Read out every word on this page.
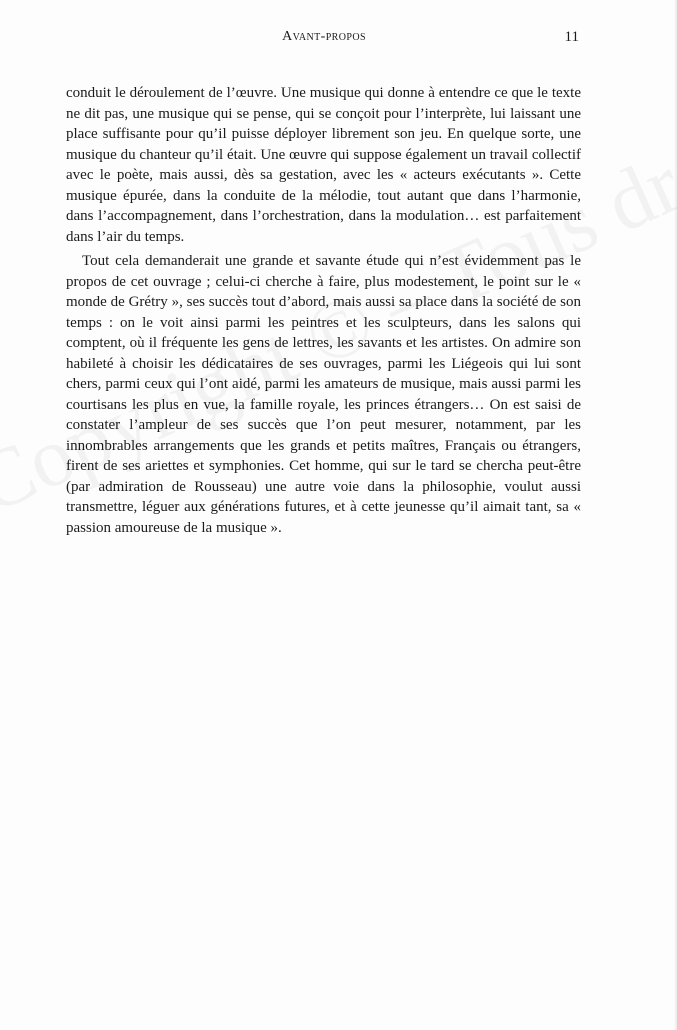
Avant-propos	11

conduit le déroulement de l’œuvre. Une musique qui donne à entendre ce que le texte ne dit pas, une musique qui se pense, qui se conçoit pour l’interprète, lui laissant une place suffisante pour qu’il puisse déployer librement son jeu. En quelque sorte, une musique du chanteur qu’il était. Une œuvre qui suppose également un travail collectif avec le poète, mais aussi, dès sa gestation, avec les « acteurs exécutants ». Cette musique épurée, dans la conduite de la mélodie, tout autant que dans l’harmonie, dans l’accompagnement, dans l’orchestration, dans la modulation… est parfaitement dans l’air du temps.

Tout cela demanderait une grande et savante étude qui n’est évidemment pas le propos de cet ouvrage ; celui-ci cherche à faire, plus modestement, le point sur le « monde de Grétry », ses succès tout d’abord, mais aussi sa place dans la société de son temps : on le voit ainsi parmi les peintres et les sculpteurs, dans les salons qui comptent, où il fréquente les gens de lettres, les savants et les artistes. On admire son habileté à choisir les dédicataires de ses ouvrages, parmi les Liégeois qui lui sont chers, parmi ceux qui l’ont aidé, parmi les amateurs de musique, mais aussi parmi les courtisans les plus en vue, la famille royale, les princes étrangers… On est saisi de constater l’ampleur de ses succès que l’on peut mesurer, notamment, par les innombrables arrangements que les grands et petits maîtres, Français ou étrangers, firent de ses ariettes et symphonies. Cet homme, qui sur le tard se chercha peut-être (par admiration de Rousseau) une autre voie dans la philosophie, voulut aussi transmettre, léguer aux générations futures, et à cette jeunesse qu’il aimait tant, sa « passion amoureuse de la musique ».
